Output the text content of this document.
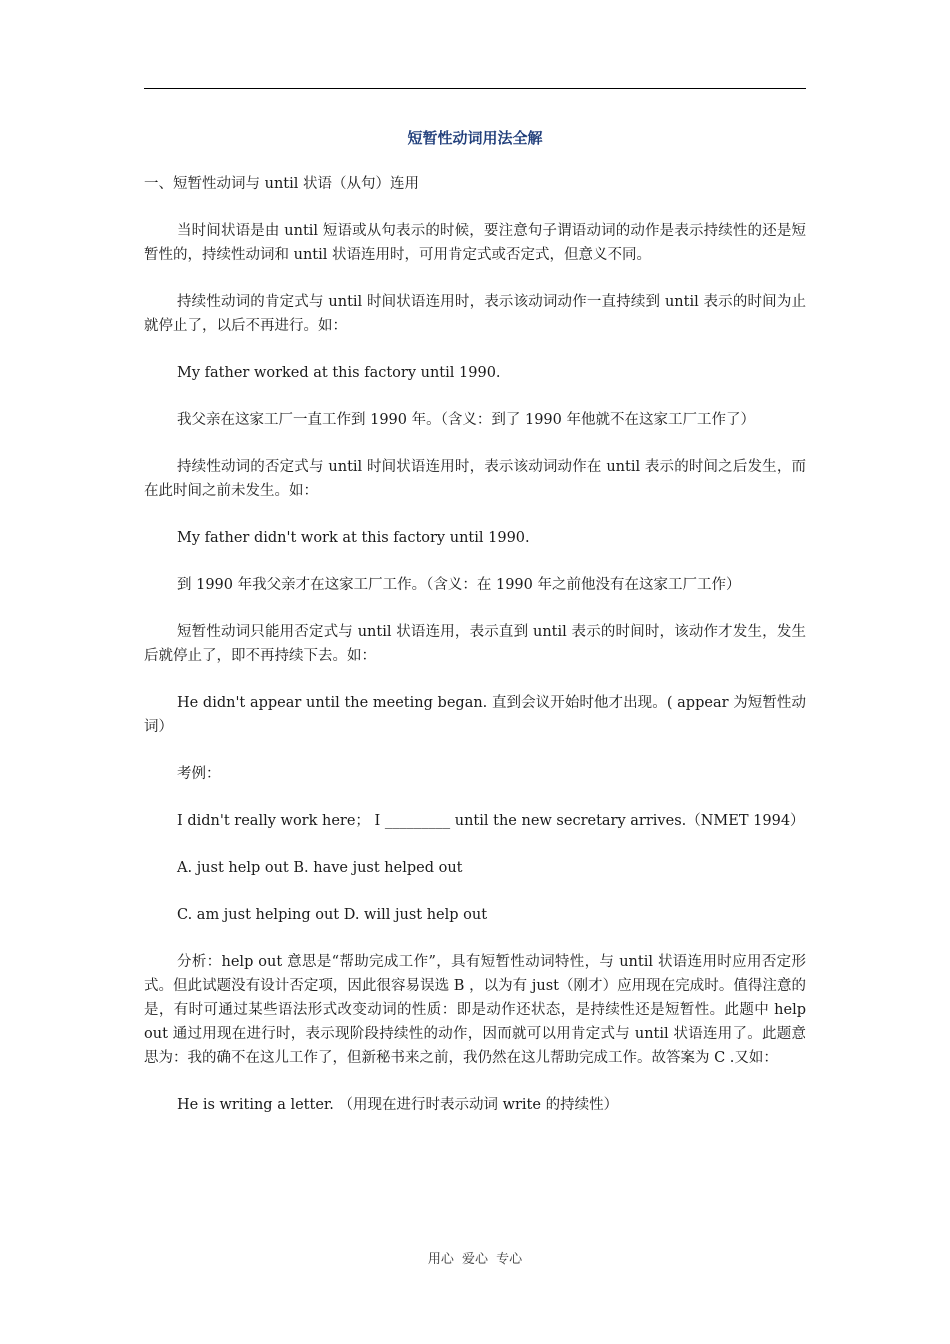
短暂性动词用法全解

一、短暂性动词与 until 状语（从句）连用

当时间状语是由 until 短语或从句表示的时候，要注意句子谓语动词的动作是表示持续性的还是短暂性的，持续性动词和 until 状语连用时，可用肯定式或否定式，但意义不同。

持续性动词的肯定式与 until 时间状语连用时，表示该动词动作一直持续到 until 表示的时间为止就停止了，以后不再进行。如：

My father worked at this factory until 1990.

我父亲在这家工厂一直工作到 1990 年。（含义：到了 1990 年他就不在这家工厂工作了）

持续性动词的否定式与 until 时间状语连用时，表示该动词动作在 until 表示的时间之后发生，而在此时间之前未发生。如：

My father didn't work at this factory until 1990.

到 1990 年我父亲才在这家工厂工作。（含义：在 1990 年之前他没有在这家工厂工作）

短暂性动词只能用否定式与 until 状语连用，表示直到 until 表示的时间时，该动作才发生，发生后就停止了，即不再持续下去。如：

He didn't appear until the meeting began. 直到会议开始时他才出现。( appear 为短暂性动词）

考例：

I didn't really work here； I _________ until the new secretary arrives.（NMET 1994）

A. just help out B. have just helped out

C. am just helping out D. will just help out

分析：help out 意思是“帮助完成工作”，具有短暂性动词特性，与 until 状语连用时应用否定形式。但此试题没有设计否定项，因此很容易误选 B ，以为有 just（刚才）应用现在完成时。值得注意的是，有时可通过某些语法形式改变动词的性质：即是动作还状态，是持续性还是短暂性。此题中 help out 通过用现在进行时，表示现阶段持续性的动作，因而就可以用肯定式与 until 状语连用了。此题意思为：我的确不在这儿工作了，但新秘书来之前，我仍然在这儿帮助完成工作。故答案为 C .又如：

He is writing a letter. （用现在进行时表示动词 write 的持续性）

用心 爱心 专心
